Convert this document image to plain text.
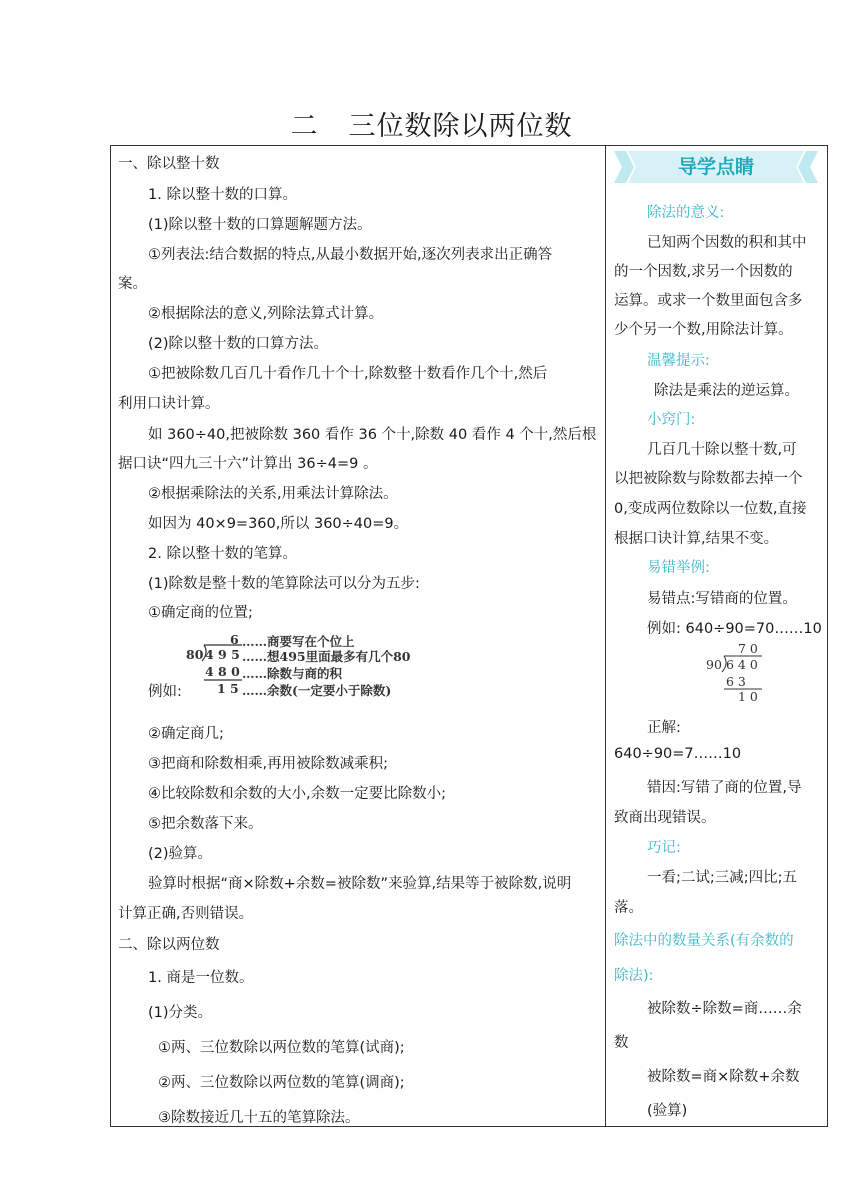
二 三位数除以两位数
一、除以整十数
1. 除以整十数的口算。
(1)除以整十数的口算题解题方法。
①列表法:结合数据的特点,从最小数据开始,逐次列表求出正确答
案。
②根据除法的意义,列除法算式计算。
(2)除以整十数的口算方法。
①把被除数几百几十看作几十个十,除数整十数看作几个十,然后
利用口诀计算。
如 360÷40,把被除数 360 看作 36 个十,除数 40 看作 4 个十,然后根
据口诀“四九三十六”计算出 36÷4=9 。
②根据乘除法的关系,用乘法计算除法。
如因为 40×9=360,所以 360÷40=9。
2. 除以整十数的笔算。
(1)除数是整十数的笔算除法可以分为五步:
①确定商的位置;
例如:
②确定商几;
③把商和除数相乘,再用被除数减乘积;
④比较除数和余数的大小,余数一定要比除数小;
⑤把余数落下来。
(2)验算。
验算时根据“商×除数+余数=被除数”来验算,结果等于被除数,说明
计算正确,否则错误。
二、除以两位数
1. 商是一位数。
(1)分类。
①两、三位数除以两位数的笔算(试商);
②两、三位数除以两位数的笔算(调商);
③除数接近几十五的笔算除法。
6 ……商要写在个位上
80 4 9 5 ……想495里面最多有几个80
4 8 0 ……除数与商的积
1 5 ……余数(一定要小于除数)
导学点睛
除法的意义:
已知两个因数的积和其中
的一个因数,求另一个因数的
运算。或求一个数里面包含多
少个另一个数,用除法计算。
温馨提示:
除法是乘法的逆运算。
小窍门:
几百几十除以整十数,可
以把被除数与除数都去掉一个
0,变成两位数除以一位数,直接
根据口诀计算,结果不变。
易错举例:
易错点:写错商的位置。
例如: 640÷90=70……10
正解:
640÷90=7……10
错因:写错了商的位置,导
致商出现错误。
巧记:
一看;二试;三减;四比;五
落。
除法中的数量关系(有余数的
除法):
被除数÷除数=商……余
数
被除数=商×除数+余数
(验算)
7 0
90 6 4 0
6 3
1 0
